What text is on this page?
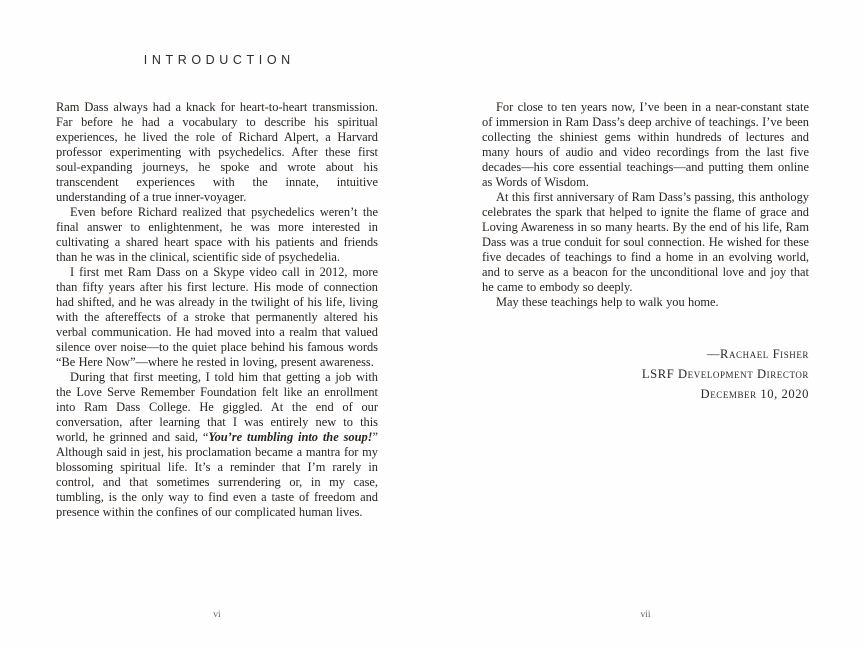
INTRODUCTION

Ram Dass always had a knack for heart-to-heart transmission. Far before he had a vocabulary to describe his spiritual experiences, he lived the role of Richard Alpert, a Harvard professor experimenting with psychedelics. After these first soul-expanding journeys, he spoke and wrote about his transcendent experiences with the innate, intuitive understanding of a true inner-voyager.

Even before Richard realized that psychedelics weren’t the final answer to enlightenment, he was more interested in cultivating a shared heart space with his patients and friends than he was in the clinical, scientific side of psychedelia.

I first met Ram Dass on a Skype video call in 2012, more than fifty years after his first lecture. His mode of connection had shifted, and he was already in the twilight of his life, living with the aftereffects of a stroke that permanently altered his verbal communication. He had moved into a realm that valued silence over noise—to the quiet place behind his famous words “Be Here Now”—where he rested in loving, present awareness.

During that first meeting, I told him that getting a job with the Love Serve Remember Foundation felt like an enrollment into Ram Dass College. He giggled. At the end of our conversation, after learning that I was entirely new to this world, he grinned and said, “You’re tumbling into the soup!” Although said in jest, his proclamation became a mantra for my blossoming spiritual life. It’s a reminder that I’m rarely in control, and that sometimes surrendering or, in my case, tumbling, is the only way to find even a taste of freedom and presence within the confines of our complicated human lives.

For close to ten years now, I’ve been in a near-constant state of immersion in Ram Dass’s deep archive of teachings. I’ve been collecting the shiniest gems within hundreds of lectures and many hours of audio and video recordings from the last five decades—his core essential teachings—and putting them online as Words of Wisdom.

At this first anniversary of Ram Dass’s passing, this anthology celebrates the spark that helped to ignite the flame of grace and Loving Awareness in so many hearts. By the end of his life, Ram Dass was a true conduit for soul connection. He wished for these five decades of teachings to find a home in an evolving world, and to serve as a beacon for the unconditional love and joy that he came to embody so deeply.

May these teachings help to walk you home.

—Rachael Fisher
LSRF Development Director
December 10, 2020
vi	vii
